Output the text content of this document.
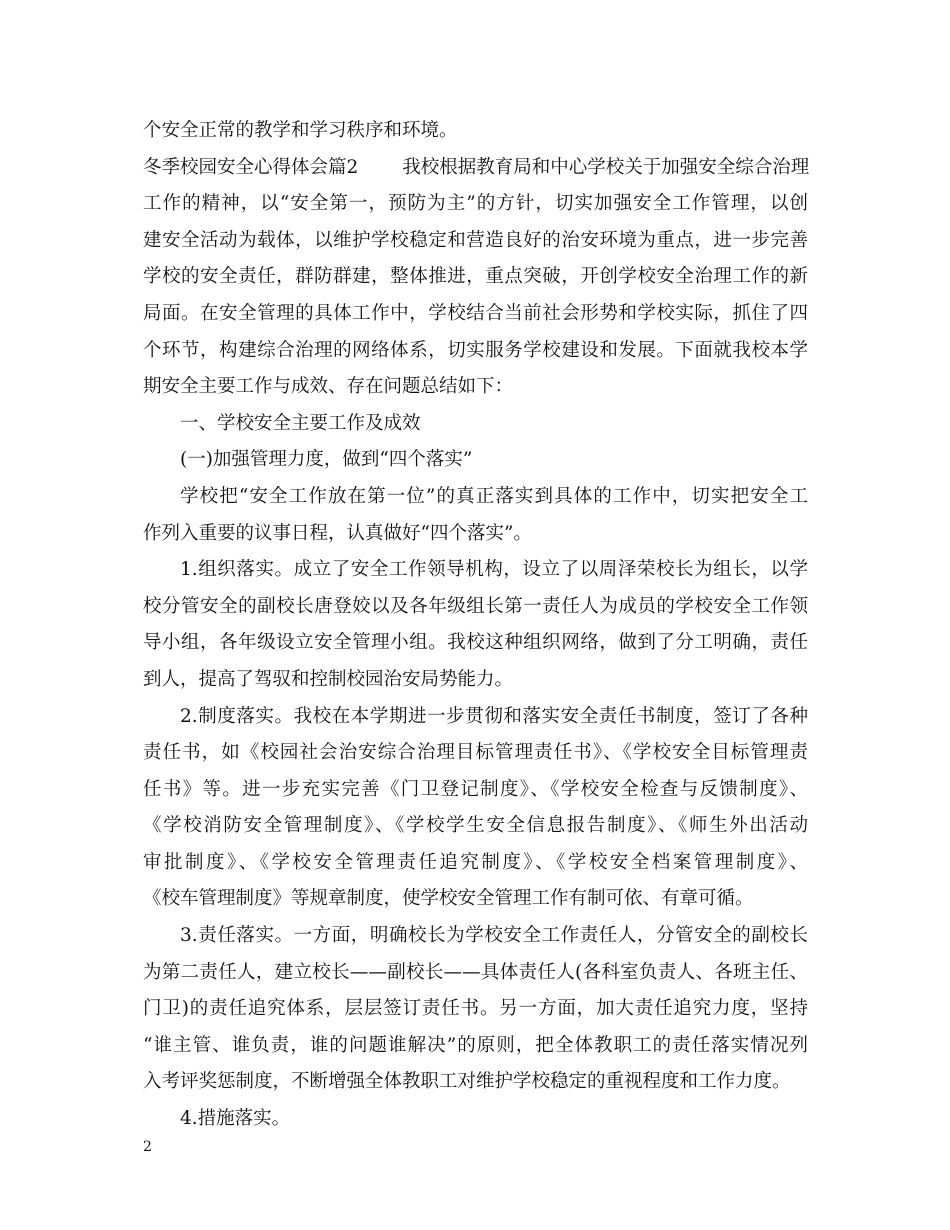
个安全正常的教学和学习秩序和环境。
冬季校园安全心得体会篇2 我校根据教育局和中心学校关于加强安全综合治理
工作的精神，以“安全第一，预防为主”的方针，切实加强安全工作管理，以创
建安全活动为载体，以维护学校稳定和营造良好的治安环境为重点，进一步完善
学校的安全责任，群防群建，整体推进，重点突破，开创学校安全治理工作的新
局面。在安全管理的具体工作中，学校结合当前社会形势和学校实际，抓住了四
个环节，构建综合治理的网络体系，切实服务学校建设和发展。下面就我校本学
期安全主要工作与成效、存在问题总结如下：
一、学校安全主要工作及成效
(一)加强管理力度，做到“四个落实”
学校把“安全工作放在第一位”的真正落实到具体的工作中，切实把安全工
作列入重要的议事日程，认真做好“四个落实”。
1.组织落实。成立了安全工作领导机构，设立了以周泽荣校长为组长，以学
校分管安全的副校长唐登姣以及各年级组长第一责任人为成员的学校安全工作领
导小组，各年级设立安全管理小组。我校这种组织网络，做到了分工明确，责任
到人，提高了驾驭和控制校园治安局势能力。
2.制度落实。我校在本学期进一步贯彻和落实安全责任书制度，签订了各种
责任书，如《校园社会治安综合治理目标管理责任书》、《学校安全目标管理责
任书》等。进一步充实完善《门卫登记制度》、《学校安全检查与反馈制度》、
《学校消防安全管理制度》、《学校学生安全信息报告制度》、《师生外出活动
审批制度》、《学校安全管理责任追究制度》、《学校安全档案管理制度》、
《校车管理制度》等规章制度，使学校安全管理工作有制可依、有章可循。
3.责任落实。一方面，明确校长为学校安全工作责任人，分管安全的副校长
为第二责任人，建立校长——副校长——具体责任人(各科室负责人、各班主任、
门卫)的责任追究体系，层层签订责任书。另一方面，加大责任追究力度，坚持
“谁主管、谁负责，谁的问题谁解决”的原则，把全体教职工的责任落实情况列
入考评奖惩制度，不断增强全体教职工对维护学校稳定的重视程度和工作力度。
4.措施落实。
2
